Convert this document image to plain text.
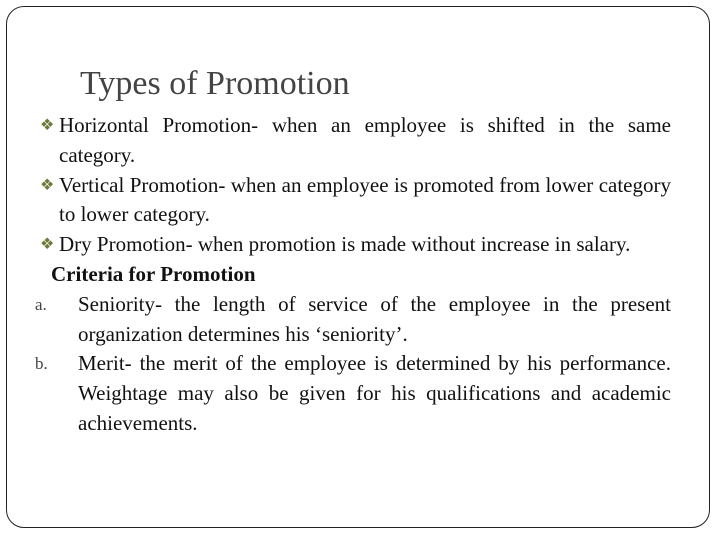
Types of Promotion
❖ Horizontal Promotion- when an employee is shifted in the same category.
❖ Vertical Promotion- when an employee is promoted from lower category to lower category.
❖ Dry Promotion- when promotion is made without increase in salary.
Criteria for Promotion
a. Seniority- the length of service of the employee in the present organization determines his ‘seniority’.
b. Merit- the merit of the employee is determined by his performance. Weightage may also be given for his qualifications and academic achievements.
